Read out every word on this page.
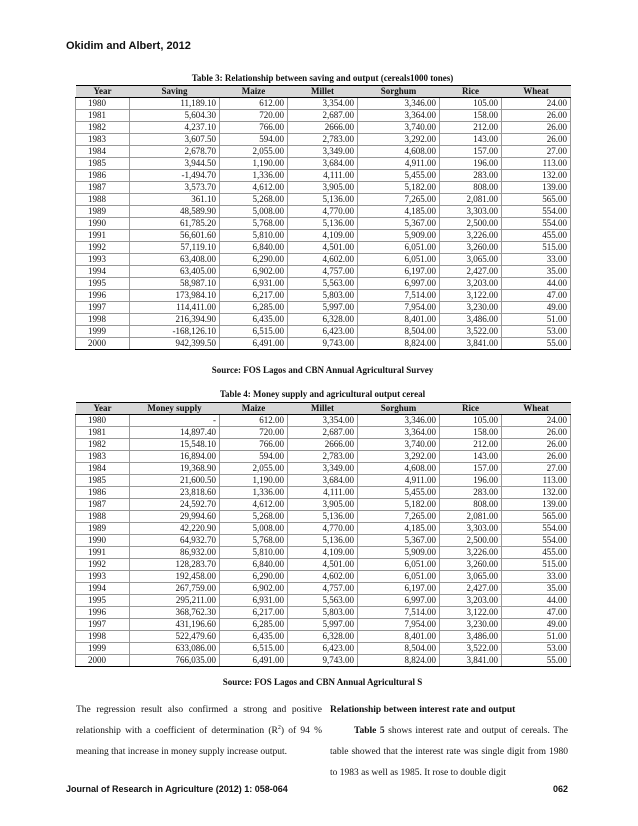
Okidim and Albert, 2012
Table 3: Relationship between saving and output (cereals1000 tones)
Year	Saving	Maize	Millet	Sorghum	Rice	Wheat
1980	11,189.10	612.00	3,354.00	3,346.00	105.00	24.00
1981	5,604.30	720.00	2,687.00	3,364.00	158.00	26.00
1982	4,237.10	766.00	2666.00	3,740.00	212.00	26.00
1983	3,607.50	594.00	2,783.00	3,292.00	143.00	26.00
1984	2,678.70	2,055.00	3,349.00	4,608.00	157.00	27.00
1985	3,944.50	1,190.00	3,684.00	4,911.00	196.00	113.00
1986	-1,494.70	1,336.00	4,111.00	5,455.00	283.00	132.00
1987	3,573.70	4,612.00	3,905.00	5,182.00	808.00	139.00
1988	361.10	5,268.00	5,136.00	7,265.00	2,081.00	565.00
1989	48,589.90	5,008.00	4,770.00	4,185.00	3,303.00	554.00
1990	61,785.20	5,768.00	5,136.00	5,367.00	2,500.00	554.00
1991	56,601.60	5,810.00	4,109.00	5,909.00	3,226.00	455.00
1992	57,119.10	6,840.00	4,501.00	6,051.00	3,260.00	515.00
1993	63,408.00	6,290.00	4,602.00	6,051.00	3,065.00	33.00
1994	63,405.00	6,902.00	4,757.00	6,197.00	2,427.00	35.00
1995	58,987.10	6,931.00	5,563.00	6,997.00	3,203.00	44.00
1996	173,984.10	6,217.00	5,803.00	7,514.00	3,122.00	47.00
1997	114,411.00	6,285.00	5,997.00	7,954.00	3,230.00	49.00
1998	216,394.90	6,435.00	6,328.00	8,401.00	3,486.00	51.00
1999	-168,126.10	6,515.00	6,423.00	8,504.00	3,522.00	53.00
2000	942,399.50	6,491.00	9,743.00	8,824.00	3,841.00	55.00
Source: FOS Lagos and CBN Annual Agricultural Survey
Table 4: Money supply and agricultural output cereal
Year	Money supply	Maize	Millet	Sorghum	Rice	Wheat
1980	-	612.00	3,354.00	3,346.00	105.00	24.00
1981	14,897.40	720.00	2,687.00	3,364.00	158.00	26.00
1982	15,548.10	766.00	2666.00	3,740.00	212.00	26.00
1983	16,894.00	594.00	2,783.00	3,292.00	143.00	26.00
1984	19,368.90	2,055.00	3,349.00	4,608.00	157.00	27.00
1985	21,600.50	1,190.00	3,684.00	4,911.00	196.00	113.00
1986	23,818.60	1,336.00	4,111.00	5,455.00	283.00	132.00
1987	24,592.70	4,612.00	3,905.00	5,182.00	808.00	139.00
1988	29,994.60	5,268.00	5,136.00	7,265.00	2,081.00	565.00
1989	42,220.90	5,008.00	4,770.00	4,185.00	3,303.00	554.00
1990	64,932.70	5,768.00	5,136.00	5,367.00	2,500.00	554.00
1991	86,932.00	5,810.00	4,109.00	5,909.00	3,226.00	455.00
1992	128,283.70	6,840.00	4,501.00	6,051.00	3,260.00	515.00
1993	192,458.00	6,290.00	4,602.00	6,051.00	3,065.00	33.00
1994	267,759.00	6,902.00	4,757.00	6,197.00	2,427.00	35.00
1995	295,211.00	6,931.00	5,563.00	6,997.00	3,203.00	44.00
1996	368,762.30	6,217.00	5,803.00	7,514.00	3,122.00	47.00
1997	431,196.60	6,285.00	5,997.00	7,954.00	3,230.00	49.00
1998	522,479.60	6,435.00	6,328.00	8,401.00	3,486.00	51.00
1999	633,086.00	6,515.00	6,423.00	8,504.00	3,522.00	53.00
2000	766,035.00	6,491.00	9,743.00	8,824.00	3,841.00	55.00
Source: FOS Lagos and CBN Annual Agricultural S
The regression result also confirmed a strong and positive relationship with a coefficient of determination $(R^2)$ of 94 % meaning that increase in money supply increase output.
Relationship between interest rate and output
Table 5 shows interest rate and output of cereals. The table showed that the interest rate was single digit from 1980 to 1983 as well as 1985. It rose to double digit
Journal of Research in Agriculture (2012) 1: 058-064	062
